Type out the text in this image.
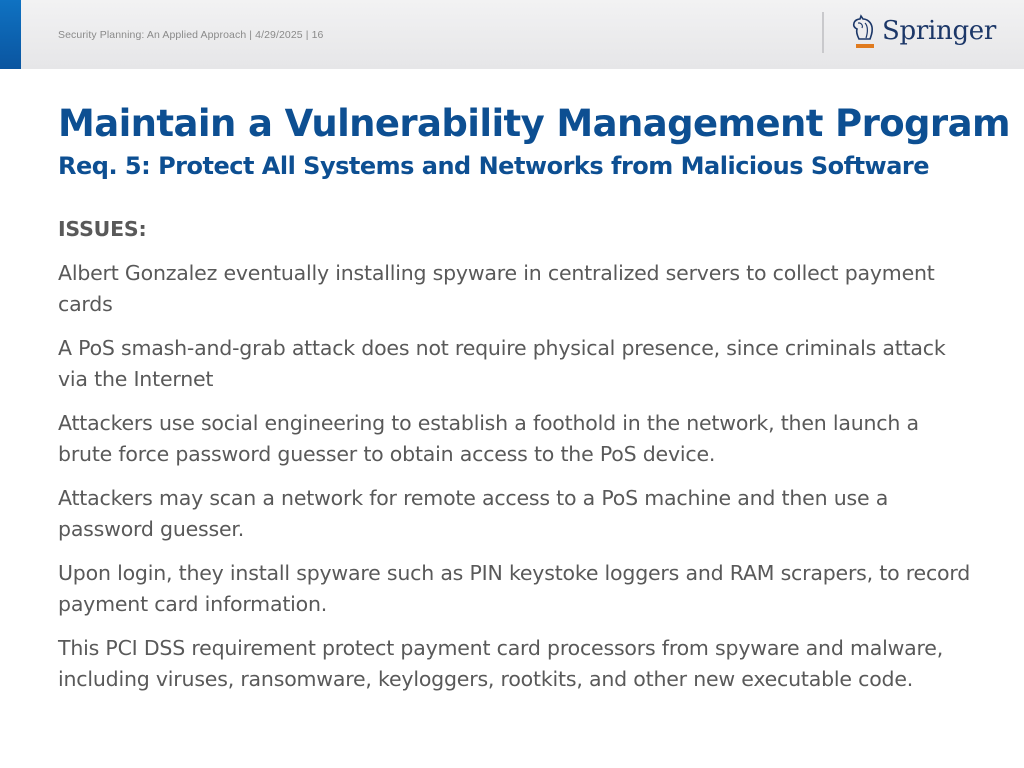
Security Planning: An Applied Approach | 4/29/2025 | 16	Springer
Maintain a Vulnerability Management Program
Req. 5: Protect All Systems and Networks from Malicious Software
ISSUES:

Albert Gonzalez eventually installing spyware in centralized servers to collect payment cards

A PoS smash-and-grab attack does not require physical presence, since criminals attack via the Internet

Attackers use social engineering to establish a foothold in the network, then launch a brute force password guesser to obtain access to the PoS device.

Attackers may scan a network for remote access to a PoS machine and then use a password guesser.

Upon login, they install spyware such as PIN keystoke loggers and RAM scrapers, to record payment card information.

This PCI DSS requirement protect payment card processors from spyware and malware, including viruses, ransomware, keyloggers, rootkits, and other new executable code.
